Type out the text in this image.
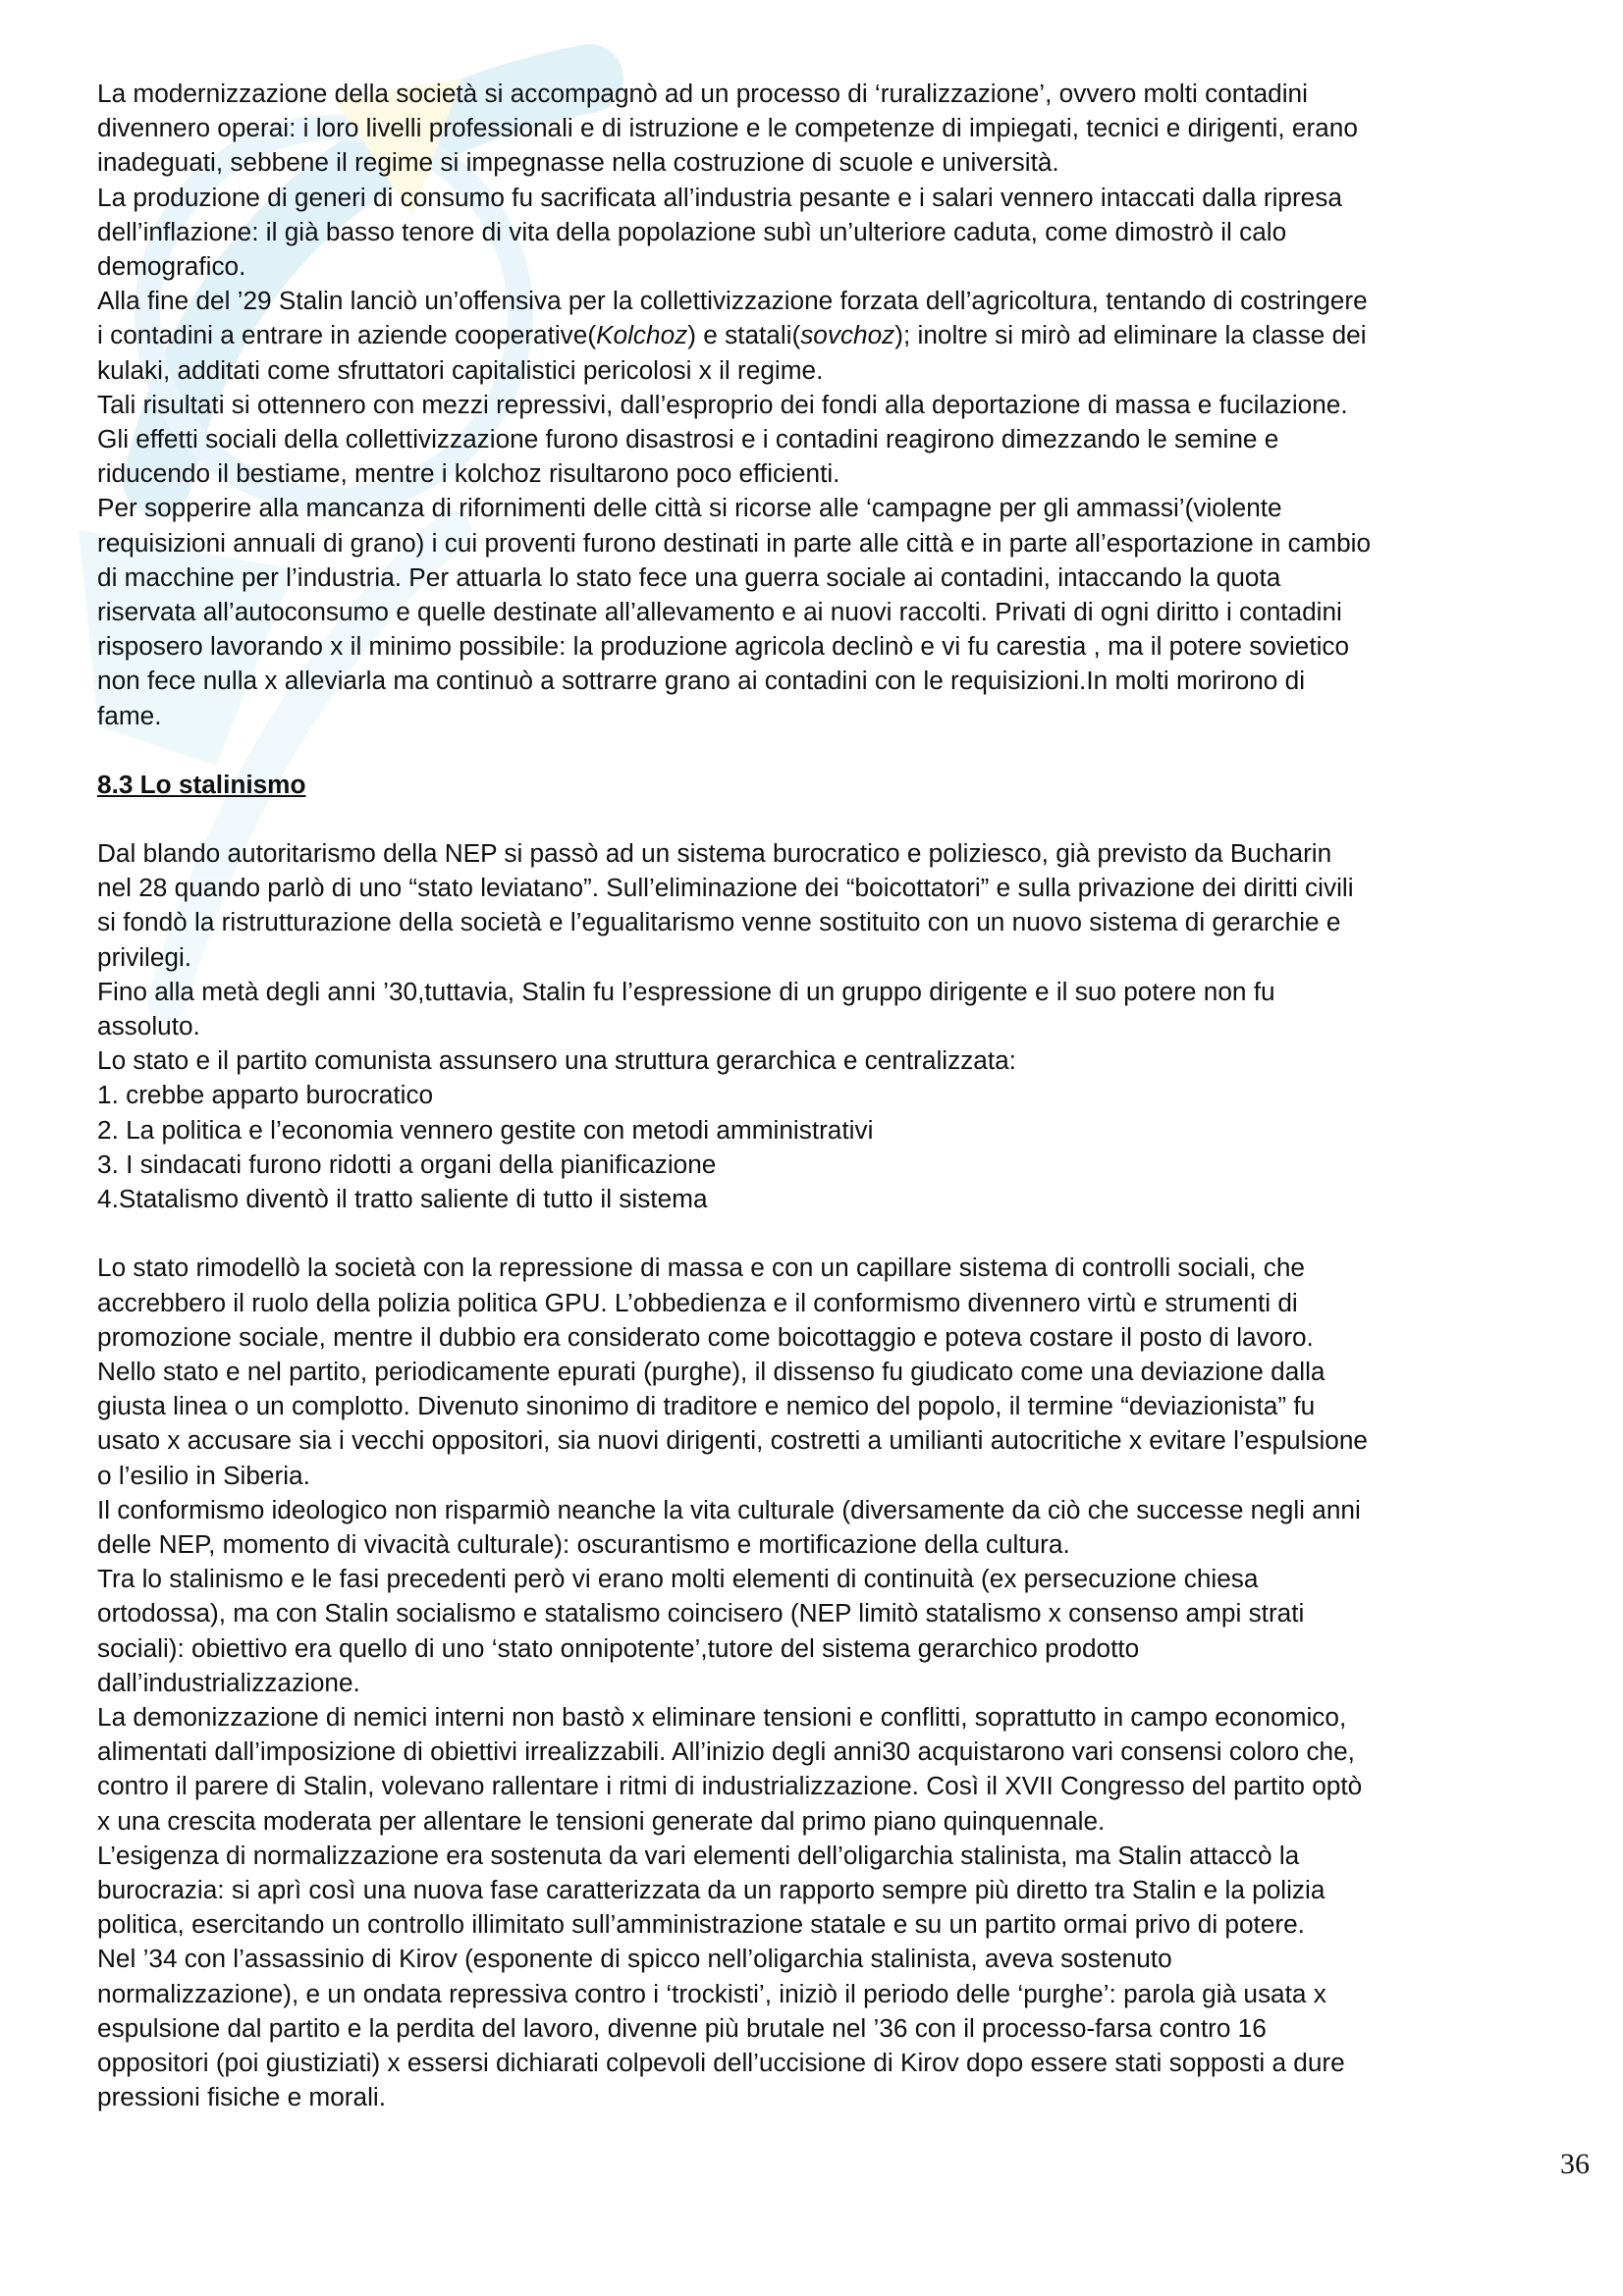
La modernizzazione della società si accompagnò ad un processo di ‘ruralizzazione’, ovvero molti contadini
divennero operai: i loro livelli professionali e di istruzione e le competenze di impiegati, tecnici e dirigenti, erano
inadeguati, sebbene il regime si impegnasse nella costruzione di scuole e università.

La produzione di generi di consumo fu sacrificata all’industria pesante e i salari vennero intaccati dalla ripresa
dell’inflazione: il già basso tenore di vita della popolazione subì un’ulteriore caduta, come dimostrò il calo
demografico.

Alla fine del ’29 Stalin lanciò un’offensiva per la collettivizzazione forzata dell’agricoltura, tentando di costringere
i contadini a entrare in aziende cooperative(Kolchoz) e statali(sovchoz); inoltre si mirò ad eliminare la classe dei
kulaki, additati come sfruttatori capitalistici pericolosi x il regime.

Tali risultati si ottennero con mezzi repressivi, dall’esproprio dei fondi alla deportazione di massa e fucilazione.
Gli effetti sociali della collettivizzazione furono disastrosi e i contadini reagirono dimezzando le semine e
riducendo il bestiame, mentre i kolchoz risultarono poco efficienti.

Per sopperire alla mancanza di rifornimenti delle città si ricorse alle ‘campagne per gli ammassi’(violente
requisizioni annuali di grano) i cui proventi furono destinati in parte alle città e in parte all’esportazione in cambio
di macchine per l’industria. Per attuarla lo stato fece una guerra sociale ai contadini, intaccando la quota
riservata all’autoconsumo e quelle destinate all’allevamento e ai nuovi raccolti. Privati di ogni diritto i contadini
risposero lavorando x il minimo possibile: la produzione agricola declinò e vi fu carestia , ma il potere sovietico
non fece nulla x alleviarla ma continuò a sottrarre grano ai contadini con le requisizioni.In molti morirono di
fame.

8.3 Lo stalinismo

Dal blando autoritarismo della NEP si passò ad un sistema burocratico e poliziesco, già previsto da Bucharin
nel 28 quando parlò di uno “stato leviatano”. Sull’eliminazione dei “boicottatori” e sulla privazione dei diritti civili
si fondò la ristrutturazione della società e l’egualitarismo venne sostituito con un nuovo sistema di gerarchie e
privilegi.

Fino alla metà degli anni ’30,tuttavia, Stalin fu l’espressione di un gruppo dirigente e il suo potere non fu
assoluto.

Lo stato e il partito comunista assunsero una struttura gerarchica e centralizzata:
1. crebbe apparto burocratico
2. La politica e l’economia vennero gestite con metodi amministrativi
3. I sindacati furono ridotti a organi della pianificazione
4.Statalismo diventò il tratto saliente di tutto il sistema

Lo stato rimodellò la società con la repressione di massa e con un capillare sistema di controlli sociali, che
accrebbero il ruolo della polizia politica GPU. L’obbedienza e il conformismo divennero virtù e strumenti di
promozione sociale, mentre il dubbio era considerato come boicottaggio e poteva costare il posto di lavoro.
Nello stato e nel partito, periodicamente epurati (purghe), il dissenso fu giudicato come una deviazione dalla
giusta linea o un complotto. Divenuto sinonimo di traditore e nemico del popolo, il termine “deviazionista” fu
usato x accusare sia i vecchi oppositori, sia nuovi dirigenti, costretti a umilianti autocritiche x evitare l’espulsione
o l’esilio in Siberia.

Il conformismo ideologico non risparmiò neanche la vita culturale (diversamente da ciò che successe negli anni
delle NEP, momento di vivacità culturale): oscurantismo e mortificazione della cultura.

Tra lo stalinismo e le fasi precedenti però vi erano molti elementi di continuità (ex persecuzione chiesa
ortodossa), ma con Stalin socialismo e statalismo coincisero (NEP limitò statalismo x consenso ampi strati
sociali): obiettivo era quello di uno ‘stato onnipotente’,tutore del sistema gerarchico prodotto
dall’industrializzazione.

La demonizzazione di nemici interni non bastò x eliminare tensioni e conflitti, soprattutto in campo economico,
alimentati dall’imposizione di obiettivi irrealizzabili. All’inizio degli anni30 acquistarono vari consensi coloro che,
contro il parere di Stalin, volevano rallentare i ritmi di industrializzazione. Così il XVII Congresso del partito optò
x una crescita moderata per allentare le tensioni generate dal primo piano quinquennale.

L’esigenza di normalizzazione era sostenuta da vari elementi dell’oligarchia stalinista, ma Stalin attaccò la
burocrazia: si aprì così una nuova fase caratterizzata da un rapporto sempre più diretto tra Stalin e la polizia
politica, esercitando un controllo illimitato sull’amministrazione statale e su un partito ormai privo di potere.

Nel ’34 con l’assassinio di Kirov (esponente di spicco nell’oligarchia stalinista, aveva sostenuto
normalizzazione), e un ondata repressiva contro i ‘trockisti’, iniziò il periodo delle ‘purghe’: parola già usata x
espulsione dal partito e la perdita del lavoro, divenne più brutale nel ’36 con il processo-farsa contro 16
oppositori (poi giustiziati) x essersi dichiarati colpevoli dell’uccisione di Kirov dopo essere stati sopposti a dure
pressioni fisiche e morali.

36
